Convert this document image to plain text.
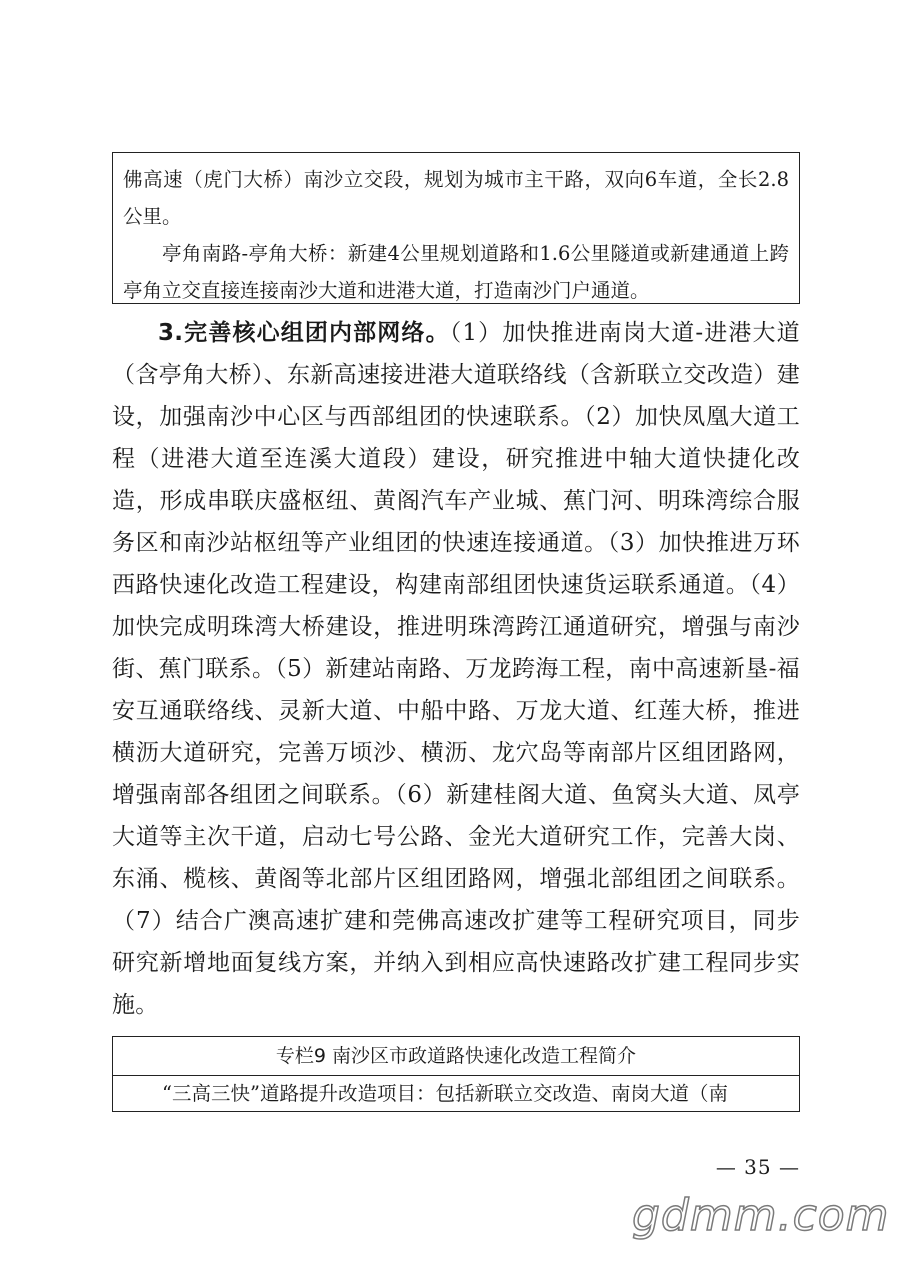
佛高速（虎门大桥）南沙立交段，规划为城市主干路，双向6车道，全长2.8公里。

亭角南路-亭角大桥：新建4公里规划道路和1.6公里隧道或新建通道上跨亭角立交直接连接南沙大道和进港大道，打造南沙门户通道。

3.完善核心组团内部网络。（1）加快推进南岗大道-进港大道（含亭角大桥）、东新高速接进港大道联络线（含新联立交改造）建设，加强南沙中心区与西部组团的快速联系。（2）加快凤凰大道工程（进港大道至连溪大道段）建设，研究推进中轴大道快捷化改造，形成串联庆盛枢纽、黄阁汽车产业城、蕉门河、明珠湾综合服务区和南沙站枢纽等产业组团的快速连接通道。（3）加快推进万环西路快速化改造工程建设，构建南部组团快速货运联系通道。（4）加快完成明珠湾大桥建设，推进明珠湾跨江通道研究，增强与南沙街、蕉门联系。（5）新建站南路、万龙跨海工程，南中高速新垦-福安互通联络线、灵新大道、中船中路、万龙大道、红莲大桥，推进横沥大道研究，完善万顷沙、横沥、龙穴岛等南部片区组团路网，增强南部各组团之间联系。（6）新建桂阁大道、鱼窝头大道、凤亭大道等主次干道，启动七号公路、金光大道研究工作，完善大岗、东涌、榄核、黄阁等北部片区组团路网，增强北部组团之间联系。（7）结合广澳高速扩建和莞佛高速改扩建等工程研究项目，同步研究新增地面复线方案，并纳入到相应高快速路改扩建工程同步实施。

专栏9 南沙区市政道路快速化改造工程简介
“三高三快”道路提升改造项目：包括新联立交改造、南岗大道（南
— 35 —
gdmm.com
